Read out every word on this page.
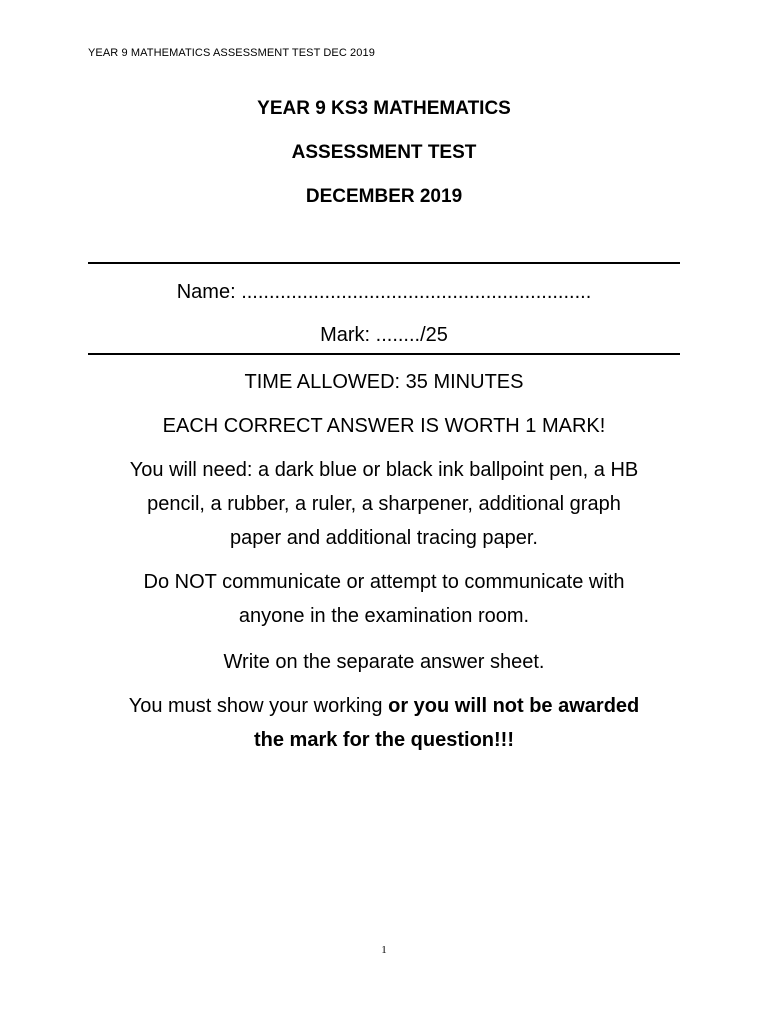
YEAR 9 MATHEMATICS ASSESSMENT TEST DEC 2019
YEAR 9 KS3 MATHEMATICS
ASSESSMENT TEST
DECEMBER 2019
Name: ...............................................................
Mark: ......../25
TIME ALLOWED: 35 MINUTES
EACH CORRECT ANSWER IS WORTH 1 MARK!
You will need: a dark blue or black ink ballpoint pen, a HB
pencil, a rubber, a ruler, a sharpener, additional graph
paper and additional tracing paper.
Do NOT communicate or attempt to communicate with
anyone in the examination room.
Write on the separate answer sheet.
You must show your working or you will not be awarded
the mark for the question!!!
1
